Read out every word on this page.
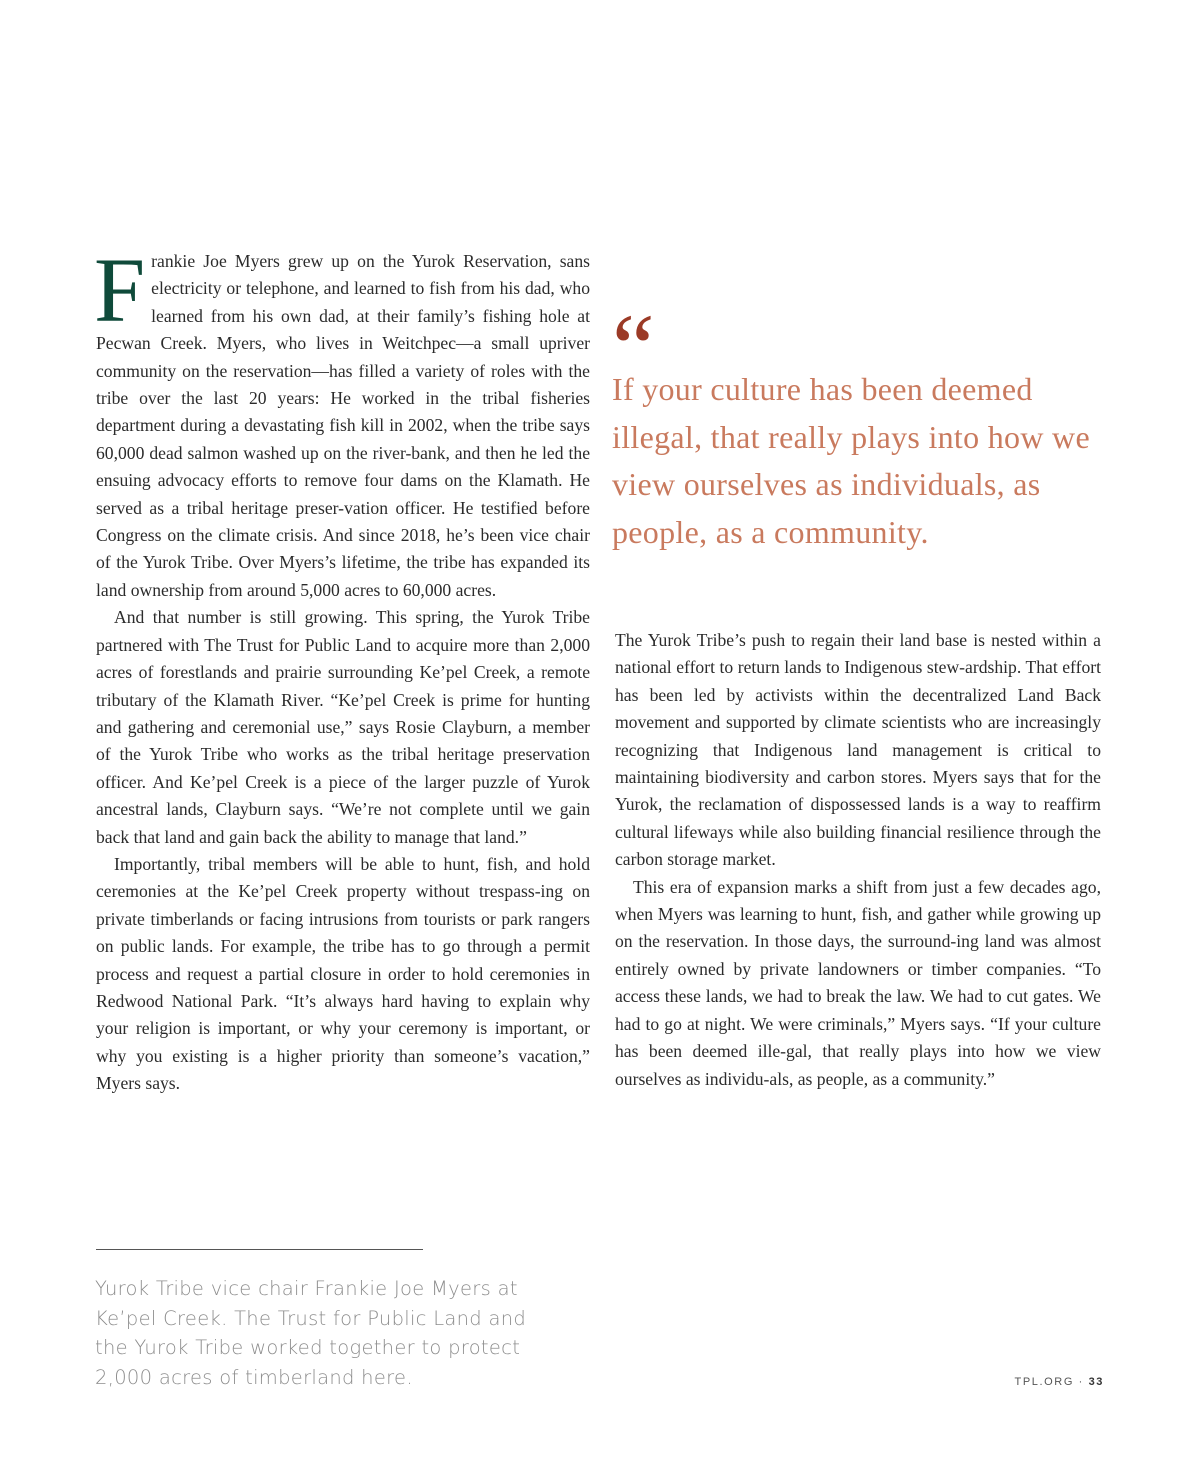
Frankie Joe Myers grew up on the Yurok Reservation, sans electricity or telephone, and learned to fish from his dad, who learned from his own dad, at their family’s fishing hole at Pecwan Creek. Myers, who lives in Weitchpec—a small upriver community on the reservation—has filled a variety of roles with the tribe over the last 20 years: He worked in the tribal fisheries department during a devastating fish kill in 2002, when the tribe says 60,000 dead salmon washed up on the river-bank, and then he led the ensuing advocacy efforts to remove four dams on the Klamath. He served as a tribal heritage preser-vation officer. He testified before Congress on the climate crisis. And since 2018, he’s been vice chair of the Yurok Tribe. Over Myers’s lifetime, the tribe has expanded its land ownership from around 5,000 acres to 60,000 acres.

And that number is still growing. This spring, the Yurok Tribe partnered with The Trust for Public Land to acquire more than 2,000 acres of forestlands and prairie surrounding Ke’pel Creek, a remote tributary of the Klamath River. “Ke’pel Creek is prime for hunting and gathering and ceremonial use,” says Rosie Clayburn, a member of the Yurok Tribe who works as the tribal heritage preservation officer. And Ke’pel Creek is a piece of the larger puzzle of Yurok ancestral lands, Clayburn says. “We’re not complete until we gain back that land and gain back the ability to manage that land.”

Importantly, tribal members will be able to hunt, fish, and hold ceremonies at the Ke’pel Creek property without trespass-ing on private timberlands or facing intrusions from tourists or park rangers on public lands. For example, the tribe has to go through a permit process and request a partial closure in order to hold ceremonies in Redwood National Park. “It’s always hard having to explain why your religion is important, or why your ceremony is important, or why you existing is a higher priority than someone’s vacation,” Myers says.

“
If your culture has been deemed illegal, that really plays into how we view ourselves as individuals, as people, as a community.

The Yurok Tribe’s push to regain their land base is nested within a national effort to return lands to Indigenous stew-ardship. That effort has been led by activists within the decentralized Land Back movement and supported by climate scientists who are increasingly recognizing that Indigenous land management is critical to maintaining biodiversity and carbon stores. Myers says that for the Yurok, the reclamation of dispossessed lands is a way to reaffirm cultural lifeways while also building financial resilience through the carbon storage market.

This era of expansion marks a shift from just a few decades ago, when Myers was learning to hunt, fish, and gather while growing up on the reservation. In those days, the surround-ing land was almost entirely owned by private landowners or timber companies. “To access these lands, we had to break the law. We had to cut gates. We had to go at night. We were criminals,” Myers says. “If your culture has been deemed ille-gal, that really plays into how we view ourselves as individu-als, as people, as a community.”

Yurok Tribe vice chair Frankie Joe Myers at Ke’pel Creek. The Trust for Public Land and the Yurok Tribe worked together to protect 2,000 acres of timberland here.	TPL.ORG · 33
